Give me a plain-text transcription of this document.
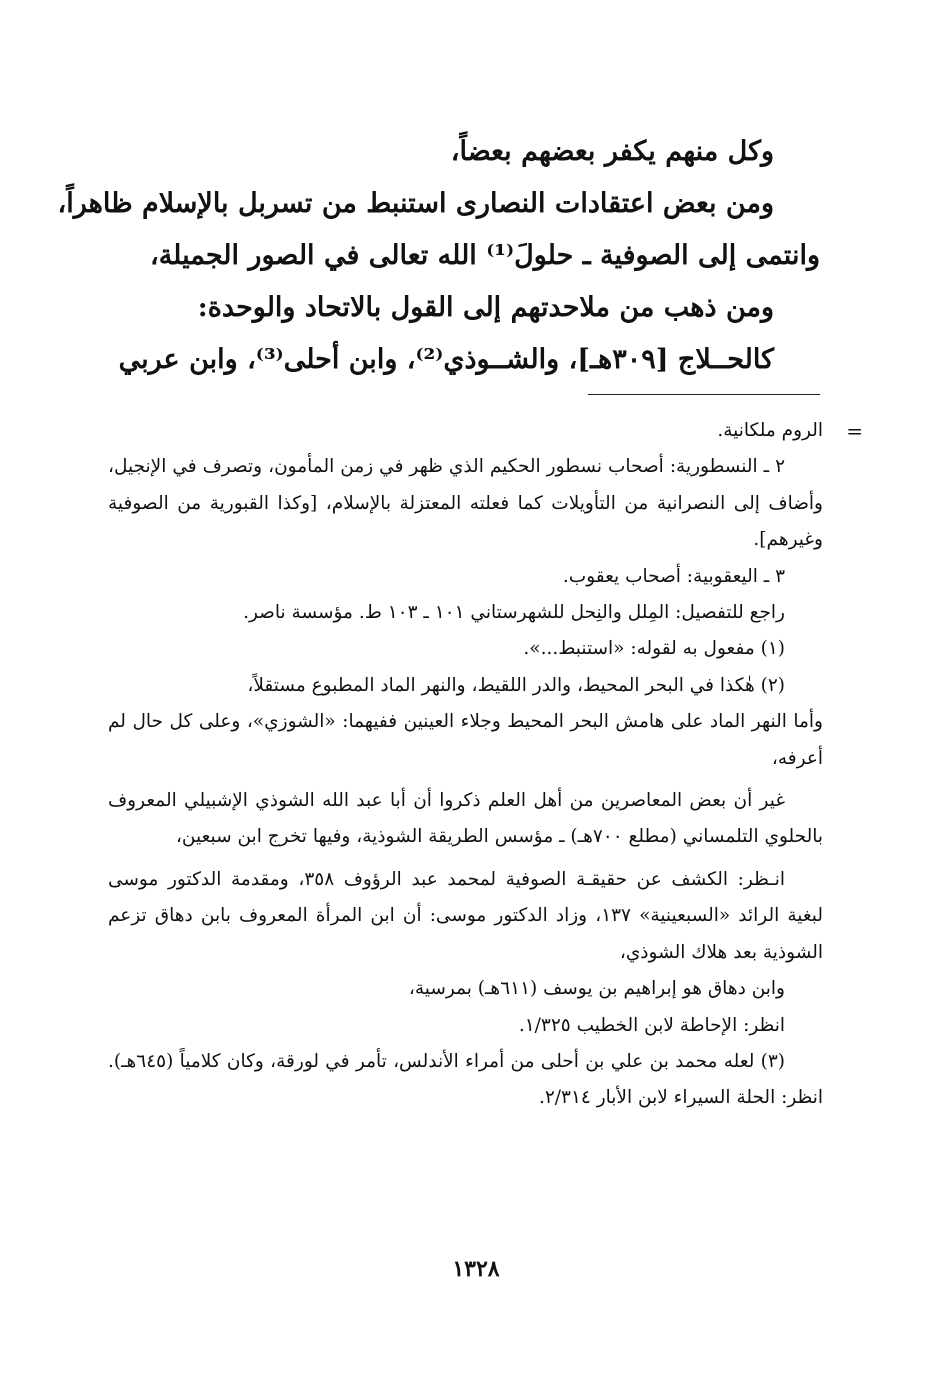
وكل منهم يكفر بعضهم بعضاً،
ومن بعض اعتقادات النصارى استنبط من تسربل بالإسلام ظاهراً،
وانتمى إلى الصوفية ـ حلولَ⁽¹⁾ الله تعالى في الصور الجميلة،
ومن ذهب من ملاحدتهم إلى القول بالاتحاد والوحدة:
كالحــلاج [٣٠٩هـ]، والشــوذي⁽²⁾، وابن أحلى⁽³⁾، وابن عربي

=
الروم ملكانية.

٢ ـ النسطورية: أصحاب نسطور الحكيم الذي ظهر في زمن المأمون، وتصرف في الإنجيل، وأضاف إلى النصرانية من التأويلات كما فعلته المعتزلة بالإسلام، [وكذا القبورية من الصوفية وغيرهم].

٣ ـ اليعقوبية: أصحاب يعقوب.

راجع للتفصيل: المِلل والنِحل للشهرستاني ١٠١ ـ ١٠٣ ط. مؤسسة ناصر.

(١) مفعول به لقوله: «استنبط...».

(٢) هٰكذا في البحر المحيط، والدر اللقيط، والنهر الماد المطبوع مستقلاً،

وأما النهر الماد على هامش البحر المحيط وجلاء العينين ففيهما: «الشوزي»، وعلى كل حال لم أعرفه،

غير أن بعض المعاصرين من أهل العلم ذكروا أن أبا عبد الله الشوذي الإشبيلي المعروف بالحلوي التلمساني (مطلع ٧٠٠هـ) ـ مؤسس الطريقة الشوذية، وفيها تخرج ابن سبعين،

انـظر: الكشف عن حقيقـة الصوفية لمحمد عبد الرؤوف ٣٥٨، ومقدمة الدكتور موسى لبغية الرائد «السبعينية» ١٣٧، وزاد الدكتور موسى: أن ابن المرأة المعروف بابن دهاق تزعم الشوذية بعد هلاك الشوذي،

وابن دهاق هو إبراهيم بن يوسف (٦١١هـ) بمرسية،

انظر: الإحاطة لابن الخطيب ١/٣٢٥.

(٣) لعله محمد بن علي بن أحلى من أمراء الأندلس، تأمر في لورقة، وكان كلامياً (٦٤٥هـ). انظر: الحلة السيراء لابن الأبار ٢/٣١٤.

١٣٢٨
